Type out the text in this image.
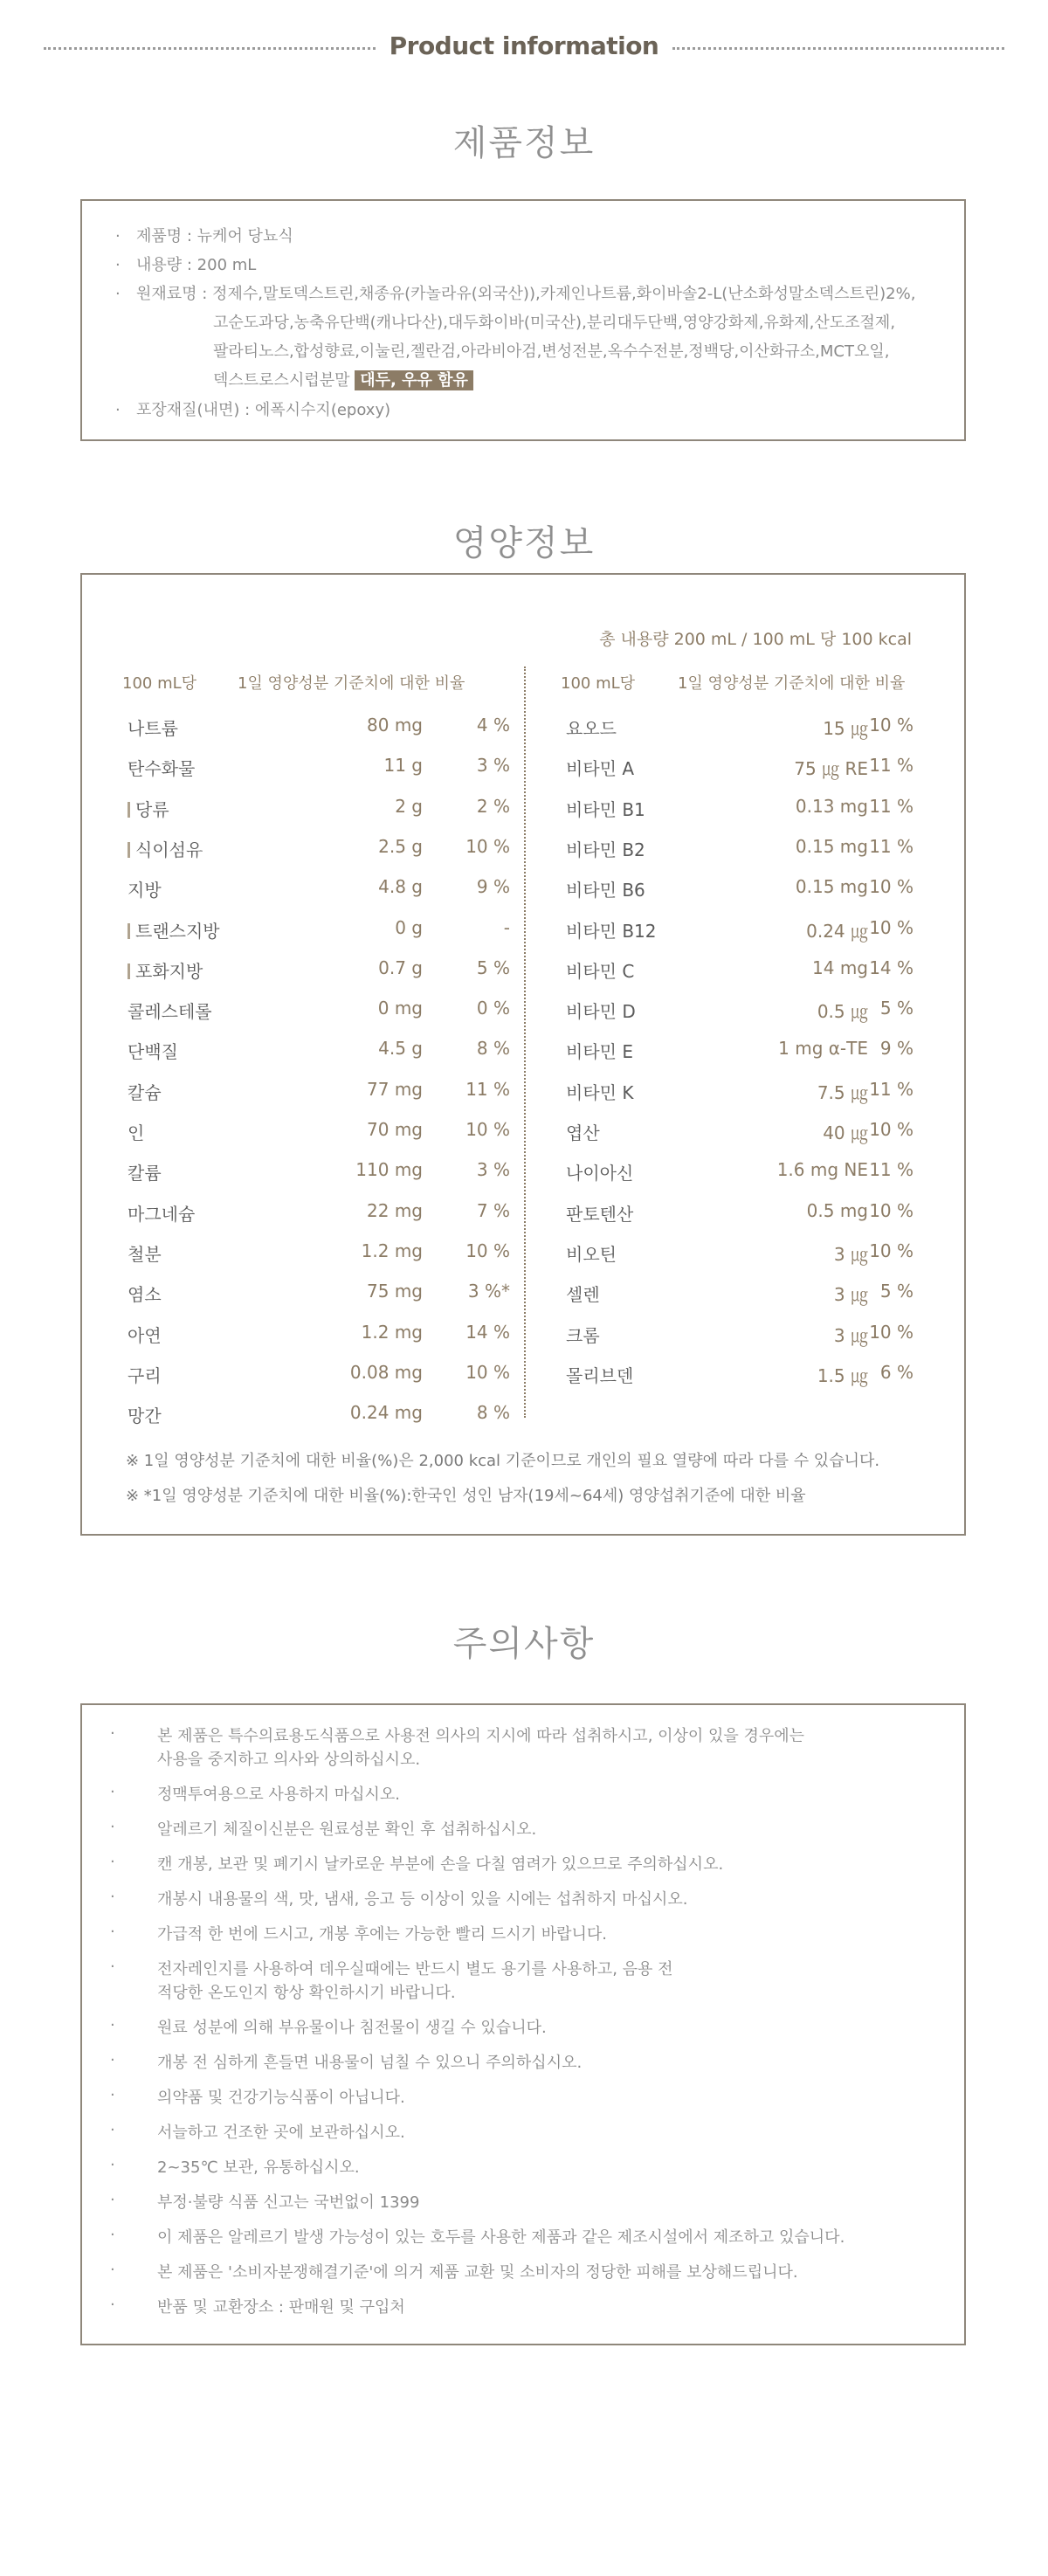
Product information
제품정보
· 제품명 : 뉴케어 당뇨식
· 내용량 : 200 mL
· 원재료명 : 정제수,말토덱스트린,채종유(카놀라유(외국산)),카제인나트륨,화이바솔2-L(난소화성말소덱스트린)2%,
고순도과당,농축유단백(캐나다산),대두화이바(미국산),분리대두단백,영양강화제,유화제,산도조절제,
팔라티노스,합성향료,이눌린,젤란검,아라비아검,변성전분,옥수수전분,정백당,이산화규소,MCT오일,
덱스트로스시럽분말 대두, 우유 함유
· 포장재질(내면) : 에폭시수지(epoxy)
영양정보
총 내용량 200 mL / 100 mL 당 100 kcal
100 mL당	1일 영양성분 기준치에 대한 비율	100 mL당	1일 영양성분 기준치에 대한 비율
나트륨	80 mg	4 %
탄수화물	11 g	3 %
당류	2 g	2 %
식이섬유	2.5 g	10 %
지방	4.8 g	9 %
트랜스지방	0 g	-
포화지방	0.7 g	5 %
콜레스테롤	0 mg	0 %
단백질	4.5 g	8 %
칼슘	77 mg	11 %
인	70 mg	10 %
칼륨	110 mg	3 %
마그네슘	22 mg	7 %
철분	1.2 mg	10 %
염소	75 mg	3 %*
아연	1.2 mg	14 %
구리	0.08 mg	10 %
망간	0.24 mg	8 %
요오드	15 ㎍ 10 %
비타민 A	75 ㎍ RE 11 %
비타민 B1	0.13 mg 11 %
비타민 B2	0.15 mg 11 %
비타민 B6	0.15 mg 10 %
비타민 B12	0.24 ㎍ 10 %
비타민 C	14 mg 14 %
비타민 D	0.5 ㎍ 5 %
비타민 E	1 mg α-TE 9 %
비타민 K	7.5 ㎍ 11 %
엽산	40 ㎍ 10 %
나이아신	1.6 mg NE 11 %
판토텐산	0.5 mg 10 %
비오틴	3 ㎍ 10 %
셀렌	3 ㎍ 5 %
크롬	3 ㎍ 10 %
몰리브덴	1.5 ㎍ 6 %
※ 1일 영양성분 기준치에 대한 비율(%)은 2,000 kcal 기준이므로 개인의 필요 열량에 따라 다를 수 있습니다.
※ *1일 영양성분 기준치에 대한 비율(%):한국인 성인 남자(19세~64세) 영양섭취기준에 대한 비율
주의사항
·	본 제품은 특수의료용도식품으로 사용전 의사의 지시에 따라 섭취하시고, 이상이 있을 경우에는
사용을 중지하고 의사와 상의하십시오.
·	정맥투여용으로 사용하지 마십시오.
·	알레르기 체질이신분은 원료성분 확인 후 섭취하십시오.
·	캔 개봉, 보관 및 폐기시 날카로운 부분에 손을 다칠 염려가 있으므로 주의하십시오.
·	개봉시 내용물의 색, 맛, 냄새, 응고 등 이상이 있을 시에는 섭취하지 마십시오.
·	가급적 한 번에 드시고, 개봉 후에는 가능한 빨리 드시기 바랍니다.
·	전자레인지를 사용하여 데우실때에는 반드시 별도 용기를 사용하고, 음용 전
적당한 온도인지 항상 확인하시기 바랍니다.
·	원료 성분에 의해 부유물이나 침전물이 생길 수 있습니다.
·	개봉 전 심하게 흔들면 내용물이 넘칠 수 있으니 주의하십시오.
·	의약품 및 건강기능식품이 아닙니다.
·	서늘하고 건조한 곳에 보관하십시오.
·	2~35℃ 보관, 유통하십시오.
·	부정·불량 식품 신고는 국번없이 1399
·	이 제품은 알레르기 발생 가능성이 있는 호두를 사용한 제품과 같은 제조시설에서 제조하고 있습니다.
·	본 제품은 '소비자분쟁해결기준'에 의거 제품 교환 및 소비자의 정당한 피해를 보상해드립니다.
·	반품 및 교환장소 : 판매원 및 구입처
